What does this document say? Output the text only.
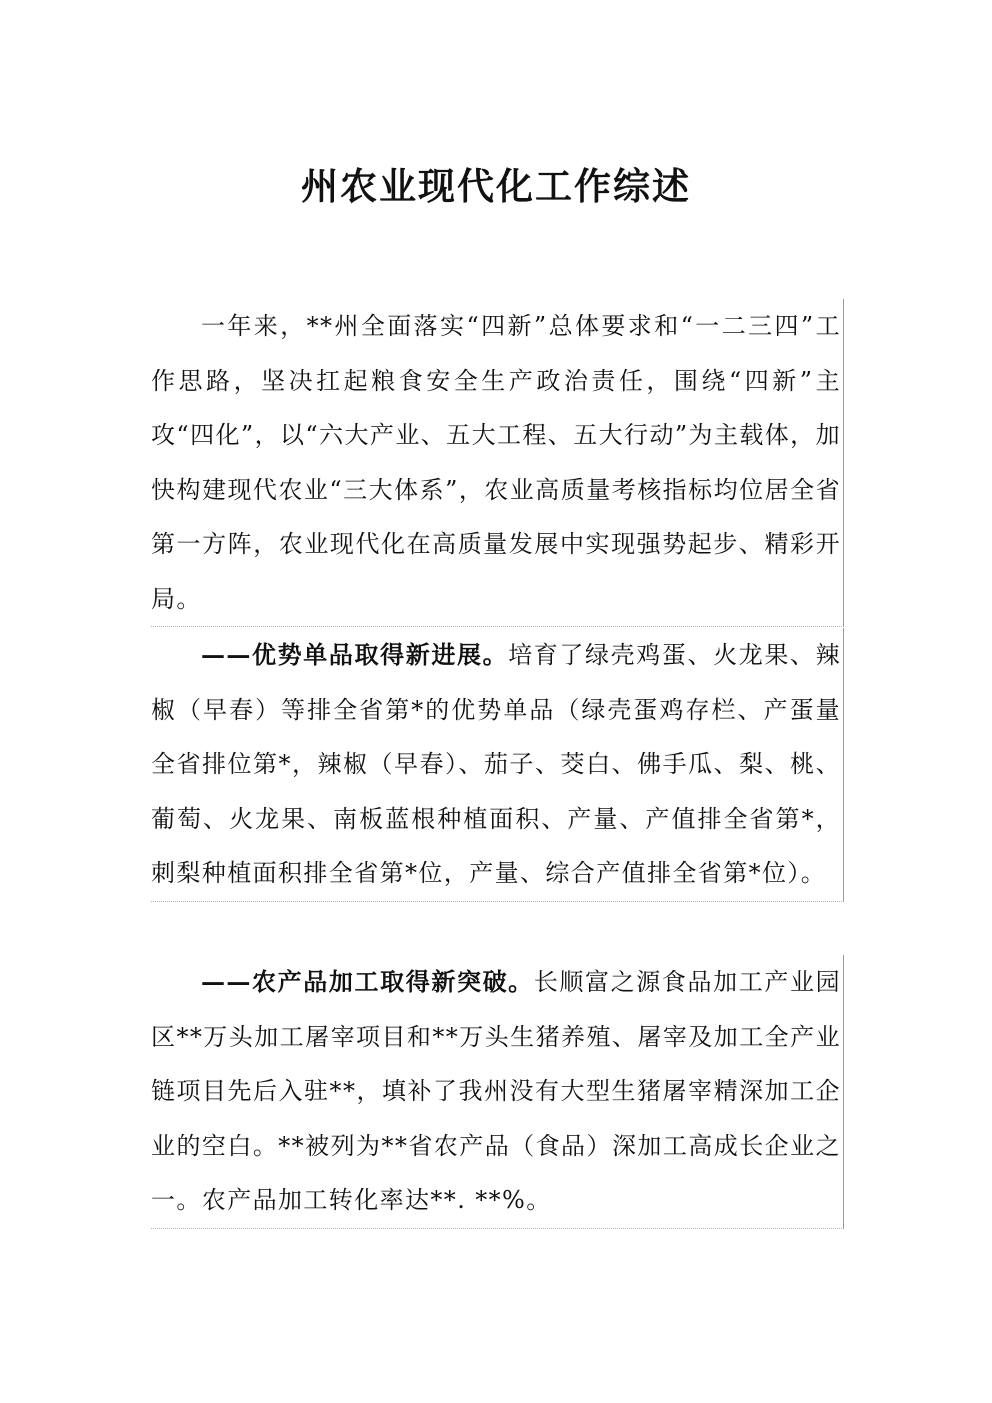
州农业现代化工作综述

一年来，**州全面落实“四新”总体要求和“一二三四”工作思路，坚决扛起粮食安全生产政治责任，围绕“四新”主攻“四化”，以“六大产业、五大工程、五大行动”为主载体，加快构建现代农业“三大体系”，农业高质量考核指标均位居全省第一方阵，农业现代化在高质量发展中实现强势起步、精彩开局。

——优势单品取得新进展。培育了绿壳鸡蛋、火龙果、辣椒（早春）等排全省第*的优势单品（绿壳蛋鸡存栏、产蛋量全省排位第*，辣椒（早春）、茄子、茭白、佛手瓜、梨、桃、葡萄、火龙果、南板蓝根种植面积、产量、产值排全省第*，刺梨种植面积排全省第*位，产量、综合产值排全省第*位）。

——农产品加工取得新突破。长顺富之源食品加工产业园区**万头加工屠宰项目和**万头生猪养殖、屠宰及加工全产业链项目先后入驻**，填补了我州没有大型生猪屠宰精深加工企业的空白。**被列为**省农产品（食品）深加工高成长企业之一。农产品加工转化率达**. **%。
